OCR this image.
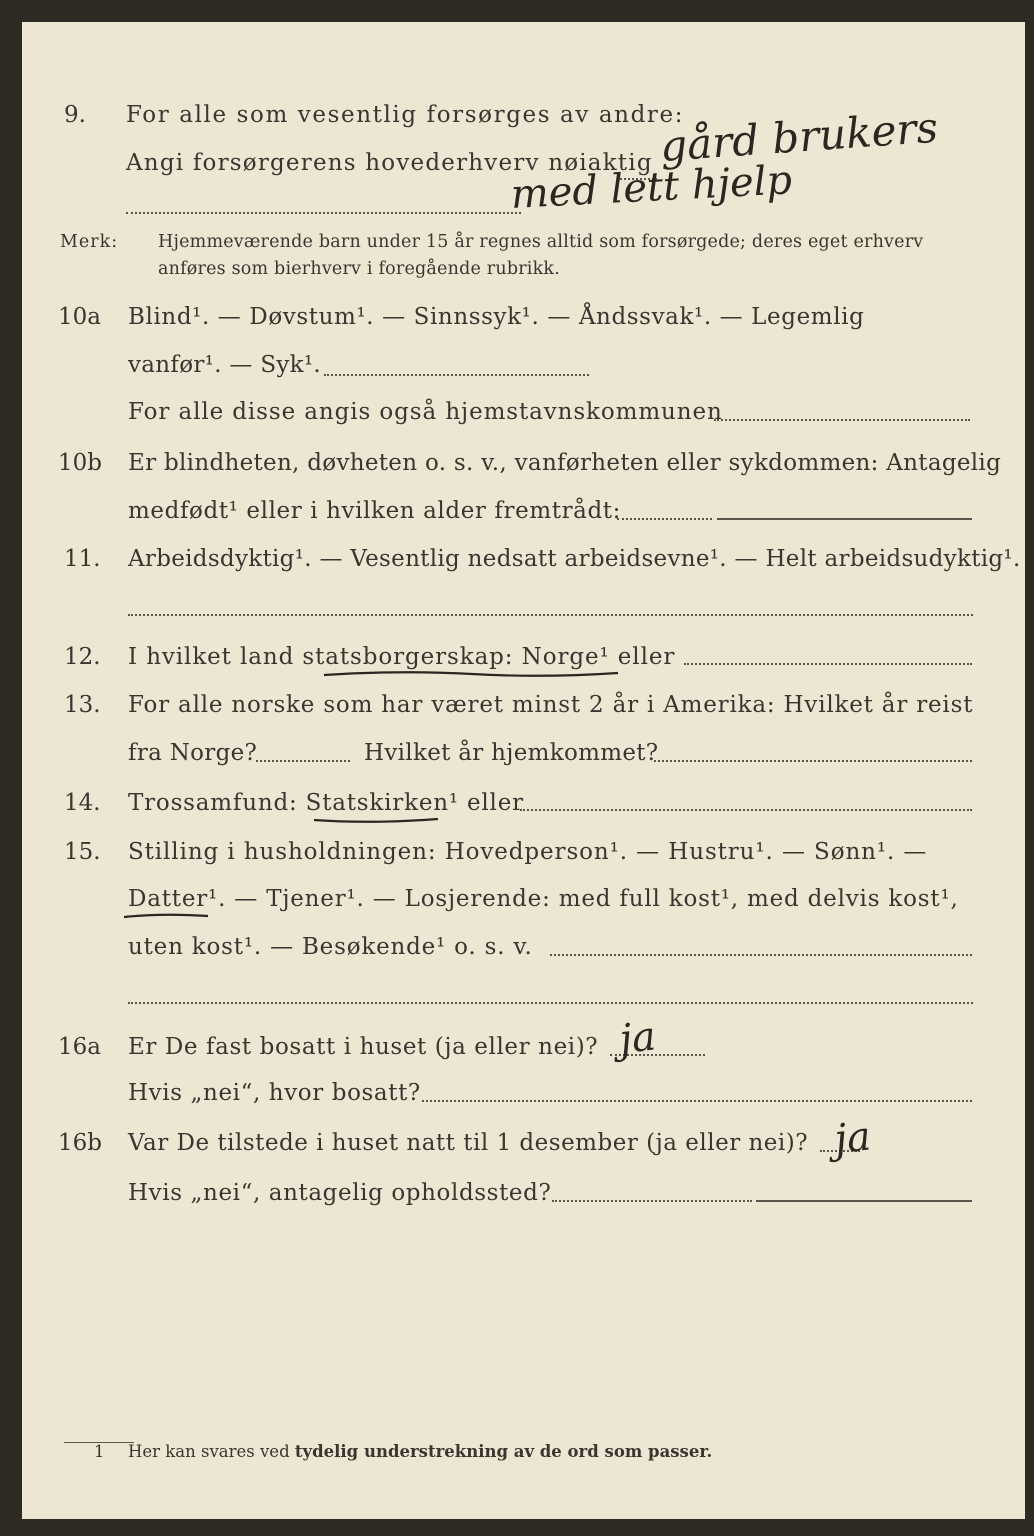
9.	For alle som vesentlig forsørges av andre:
Angi forsørgerens hovederhverv nøiaktig gård brukers
med lett hjelp
Merk: Hjemmeværende barn under 15 år regnes alltid som forsørgede; deres eget erhverv
anføres som bierhverv i foregående rubrikk.
10a	Blind¹. — Døvstum¹. — Sinnssyk¹. — Åndssvak¹. — Legemlig
vanfør¹. — Syk¹.
For alle disse angis også hjemstavnskommunen
10b	Er blindheten, døvheten o. s. v., vanførheten eller sykdommen: Antagelig
medfødt¹ eller i hvilken alder fremtrådt:
11.	Arbeidsdyktig¹. — Vesentlig nedsatt arbeidsevne¹. — Helt arbeidsudyktig¹.
12.	I hvilket land statsborgerskap: Norge¹ eller
13.	For alle norske som har været minst 2 år i Amerika: Hvilket år reist
fra Norge?	Hvilket år hjemkommet?
14.	Trossamfund: Statskirken¹ eller
15.	Stilling i husholdningen: Hovedperson¹. — Hustru¹. — Sønn¹. —
Datter¹. — Tjener¹. — Losjerende: med full kost¹, med delvis kost¹,
uten kost¹. — Besøkende¹ o. s. v.
16a	Er De fast bosatt i huset (ja eller nei)? ja
Hvis „nei“, hvor bosatt?
16b	Var De tilstede i huset natt til 1 desember (ja eller nei)? ja
Hvis „nei“, antagelig opholdssted?
1 Her kan svares ved tydelig understrekning av de ord som passer.
